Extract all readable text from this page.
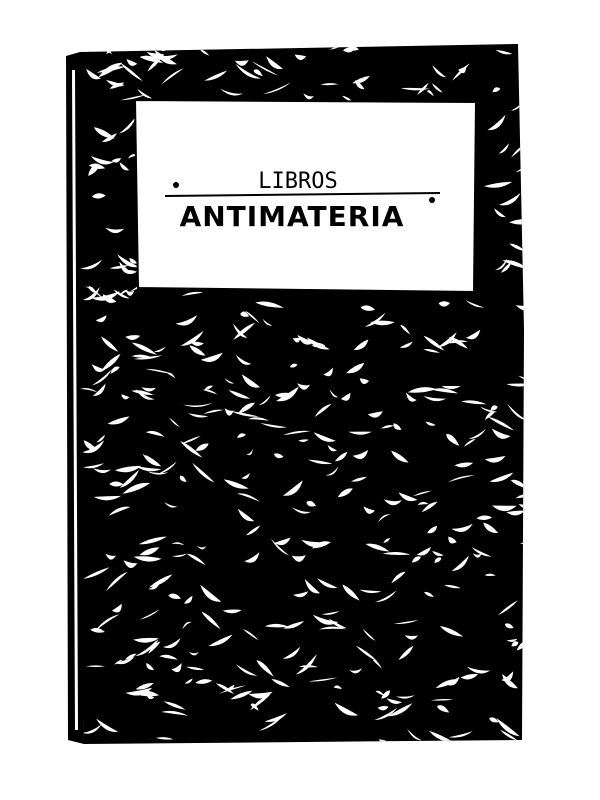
LIBROS
ANTIMATERIA
